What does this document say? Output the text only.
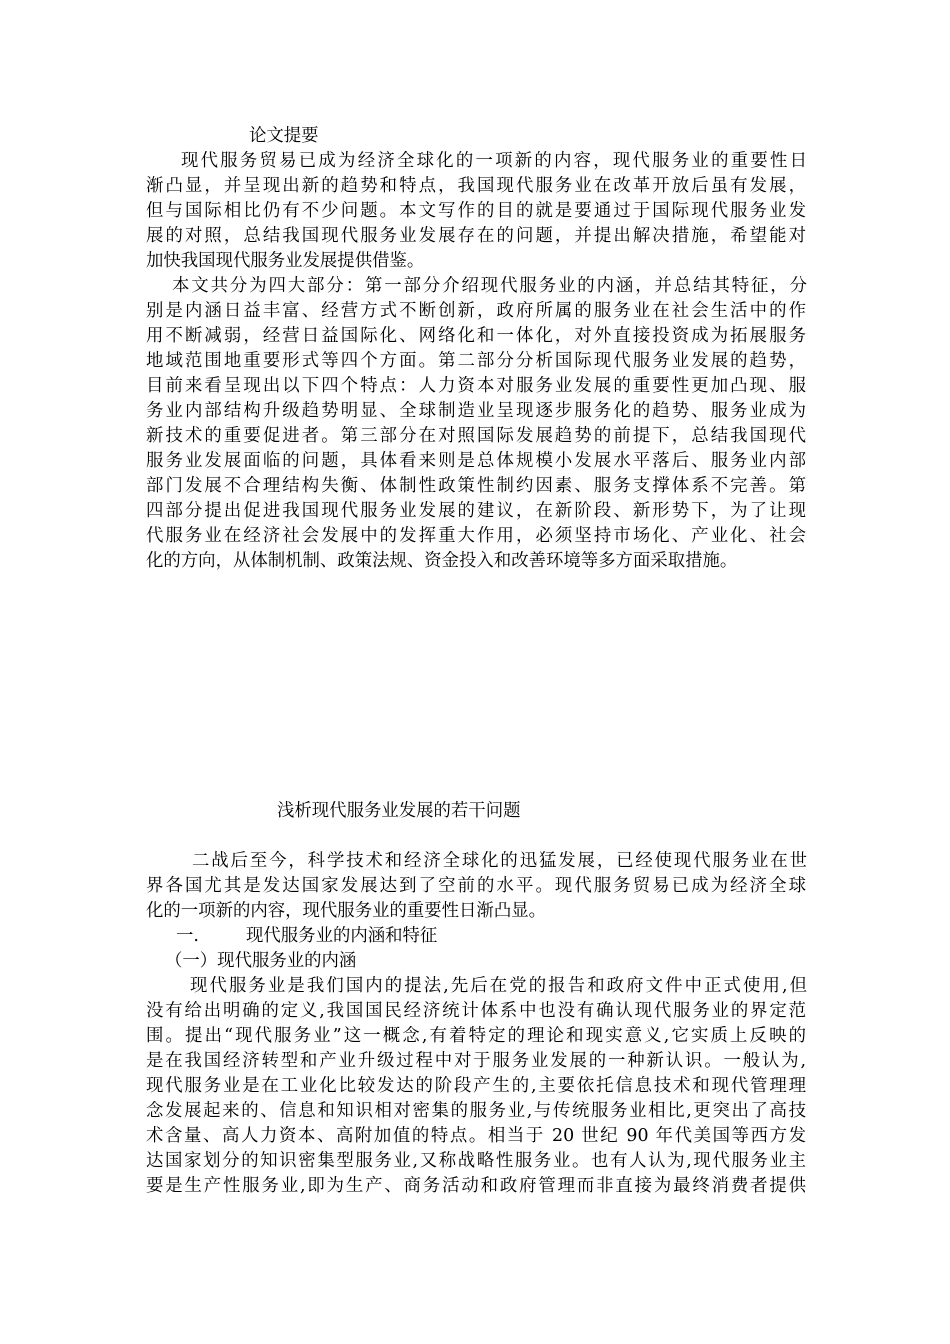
论文提要
现代服务贸易已成为经济全球化的一项新的内容，现代服务业的重要性日
渐凸显，并呈现出新的趋势和特点，我国现代服务业在改革开放后虽有发展，
但与国际相比仍有不少问题。本文写作的目的就是要通过于国际现代服务业发
展的对照，总结我国现代服务业发展存在的问题，并提出解决措施，希望能对
加快我国现代服务业发展提供借鉴。
本文共分为四大部分：第一部分介绍现代服务业的内涵，并总结其特征，分
别是内涵日益丰富、经营方式不断创新，政府所属的服务业在社会生活中的作
用不断减弱，经营日益国际化、网络化和一体化，对外直接投资成为拓展服务
地域范围地重要形式等四个方面。第二部分分析国际现代服务业发展的趋势，
目前来看呈现出以下四个特点：人力资本对服务业发展的重要性更加凸现、服
务业内部结构升级趋势明显、全球制造业呈现逐步服务化的趋势、服务业成为
新技术的重要促进者。第三部分在对照国际发展趋势的前提下，总结我国现代
服务业发展面临的问题，具体看来则是总体规模小发展水平落后、服务业内部
部门发展不合理结构失衡、体制性政策性制约因素、服务支撑体系不完善。第
四部分提出促进我国现代服务业发展的建议，在新阶段、新形势下，为了让现
代服务业在经济社会发展中的发挥重大作用，必须坚持市场化、产业化、社会
化的方向，从体制机制、政策法规、资金投入和改善环境等多方面采取措施。
浅析现代服务业发展的若干问题
二战后至今，科学技术和经济全球化的迅猛发展，已经使现代服务业在世
界各国尤其是发达国家发展达到了空前的水平。现代服务贸易已成为经济全球
化的一项新的内容，现代服务业的重要性日渐凸显。
一.	现代服务业的内涵和特征
（一）现代服务业的内涵
现代服务业是我们国内的提法,先后在党的报告和政府文件中正式使用,但
没有给出明确的定义,我国国民经济统计体系中也没有确认现代服务业的界定范
围。提出“现代服务业”这一概念,有着特定的理论和现实意义,它实质上反映的
是在我国经济转型和产业升级过程中对于服务业发展的一种新认识。一般认为,
现代服务业是在工业化比较发达的阶段产生的,主要依托信息技术和现代管理理
念发展起来的、信息和知识相对密集的服务业,与传统服务业相比,更突出了高技
术含量、高人力资本、高附加值的特点。相当于 20 世纪 90 年代美国等西方发
达国家划分的知识密集型服务业,又称战略性服务业。也有人认为,现代服务业主
要是生产性服务业,即为生产、商务活动和政府管理而非直接为最终消费者提供
